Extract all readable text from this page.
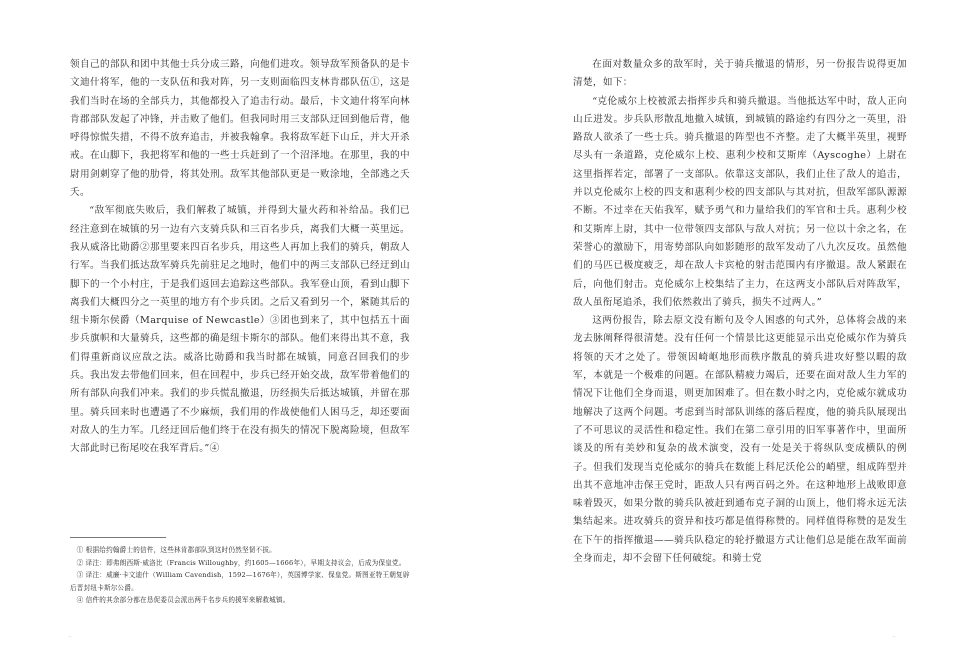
领自己的部队和团中其他士兵分成三路，向他们进攻。领导敌军预备队的是卡文迪什将军，他的一支队伍和我对阵，另一支则面临四支林肯郡队伍①，这是我们当时在场的全部兵力，其他都投入了追击行动。最后，卡文迪什将军向林肯郡部队发起了冲锋，并击败了他们。但我同时用三支部队迂回到他后背，他呼得惊慌失措，不得不放弃追击，并被我翰拿。我将敌军赶下山丘，并大开杀戒。在山脚下，我把将军和他的一些士兵赶到了一个沼泽地。在那里，我的中尉用剑刺穿了他的肋骨，将其处刑。敌军其他部队更是一败涂地，全部逃之夭夭。

“敌军彻底失败后，我们解救了城镇，并得到大量火药和补给品。我们已经注意到在城镇的另一边有六支骑兵队和三百名步兵，离我们大概一英里远。我从威洛比勋爵②那里要来四百名步兵，用这些人再加上我们的骑兵，朝敌人行军。当我们抵达敌军骑兵先前驻足之地时，他们中的两三支部队已经迂到山脚下的一个小村庄，于是我们返回去追踪这些部队。我军登山顶，看到山脚下离我们大概四分之一英里的地方有个步兵团。之后又看到另一个，紧随其后的纽卡斯尔侯爵（Marquise of Newcastle）③团也到来了，其中包括五十面步兵旗帜和大量骑兵，这些都的确是纽卡斯尔的部队。他们来得出其不意，我们得重新商议应敌之法。威洛比勋爵和我当时都在城镇，同意召回我们的步兵。我出发去带他们回来，但在回程中，步兵已经开始交战，敌军带着他们的所有部队向我们冲来。我们的步兵慌乱撤退，历经损失后抵达城镇，并留在那里。骑兵回来时也遭遇了不少麻烦，我们用的作战使他们人困马乏，却还要面对敌人的生力军。几经迂回后他们终于在没有损失的情况下脱离险境，但敌军大部此时已衔尾咬在我军背后。”④

① 根据给约翰爵士的信件，这些林肯郡部队到这时仍然坚韧不拔。

② 译注：即弗朗西斯·威洛比（Francis Willoughby，约1605—1666年），早期支持议会，后成为保皇党。

③ 译注：威廉·卡文迪什（William Cavendish，1592—1676年），英国博学家、保皇党。斯图亚特王朝复辟后晋封纽卡斯尔公爵。

④ 信件的其余部分都在恳促委员会派出两千名步兵的援军来解救城镇。

在面对数量众多的敌军时，关于骑兵撤退的情形，另一份报告说得更加清楚，如下：

“克伦威尔上校被派去指挥步兵和骑兵撤退。当他抵达军中时，敌人正向山丘进发。步兵队形散乱地撤入城镇，到城镇的路途约有四分之一英里，沿路敌人欲杀了一些士兵。骑兵撤退的阵型也不齐整。走了大概半英里，视野尽头有一条道路，克伦威尔上校、惠利少校和艾斯库（Ayscoghe）上尉在这里指挥若定，部署了一支部队。依靠这支部队，我们止住了敌人的追击，并以克伦威尔上校的四支和惠利少校的四支部队与其对抗，但敌军部队源源不断。不过幸在天佑我军，赋予勇气和力量给我们的军官和士兵。惠利少校和艾斯库上尉，其中一位带领四支部队与敌人对抗；另一位以十余之名，在荣誉心的激励下，用寄势部队向如影随形的敌军发动了八九次反攻。虽然他们的马匹已极度疲乏，却在敌人卡宾枪的射击范围内有序撤退。敌人紧跟在后，向他们射击。克伦威尔上校集结了主力，在这两支小部队后对阵敌军，敌人虽衔尾追杀，我们依然救出了骑兵，损失不过两人。”

这两份报告，除去原文没有断句及令人困惑的句式外，总体将会战的来龙去脉阐释得很清楚。没有任何一个情景比这更能显示出克伦威尔作为骑兵将领的天才之处了。带领因崎岖地形而秩序散乱的骑兵进攻好整以暇的敌军，本就是一个极难的问题。在部队精疲力竭后，还要在面对敌人生力军的情况下让他们全身而退，则更加困难了。但在数小时之内，克伦威尔就成功地解决了这两个问题。考虑到当时部队训练的落后程度，他的骑兵队展现出了不可思议的灵活性和稳定性。我们在第二章引用的旧军事著作中，里面所谈及的所有美妙和复杂的战术演变，没有一处是关于将纵队变成横队的例子。但我们发现当克伦威尔的骑兵在数能上科尼沃伦公的峭壁，组成阵型并出其不意地冲击保王党时，距敌人只有两百码之外。在这种地形上战败即意味着毁灭，如果分散的骑兵队被赶到通布克子洞的山顶上，他们将永远无法集结起来。进攻骑兵的资异和技巧都是值得称赞的。同样值得称赞的是发生在下午的指挥撤退——骑兵队稳定的轮抒撤退方式让他们总是能在敌军面前全身而走，却不会留下任何破绽。和骑士党

··	··
